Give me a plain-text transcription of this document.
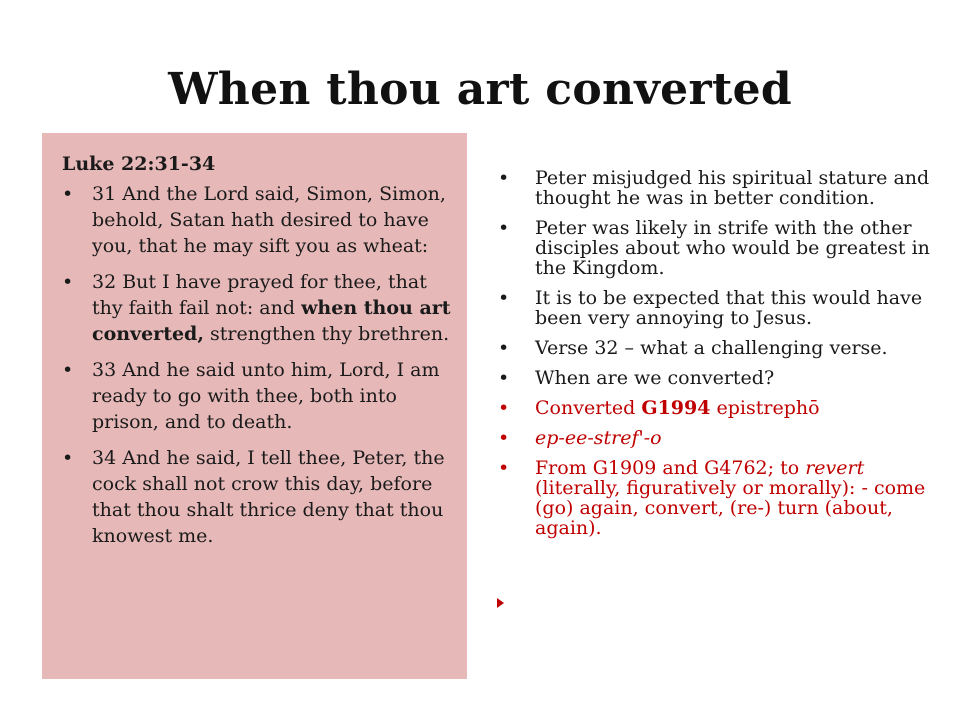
When thou art converted
Luke 22:31-34
• 31 And the Lord said, Simon, Simon, behold, Satan hath desired to have you, that he may sift you as wheat:
• 32 But I have prayed for thee, that thy faith fail not: and when thou art converted, strengthen thy brethren.
• 33 And he said unto him, Lord, I am ready to go with thee, both into prison, and to death.
• 34 And he said, I tell thee, Peter, the cock shall not crow this day, before that thou shalt thrice deny that thou knowest me.
• Peter misjudged his spiritual stature and thought he was in better condition.
• Peter was likely in strife with the other disciples about who would be greatest in the Kingdom.
• It is to be expected that this would have been very annoying to Jesus.
• Verse 32 – what a challenging verse.
• When are we converted?
• Converted G1994 epistrephō
• ep-ee-stref'-o
• From G1909 and G4762; to revert (literally, figuratively or morally): - come (go) again, convert, (re-) turn (about, again).
